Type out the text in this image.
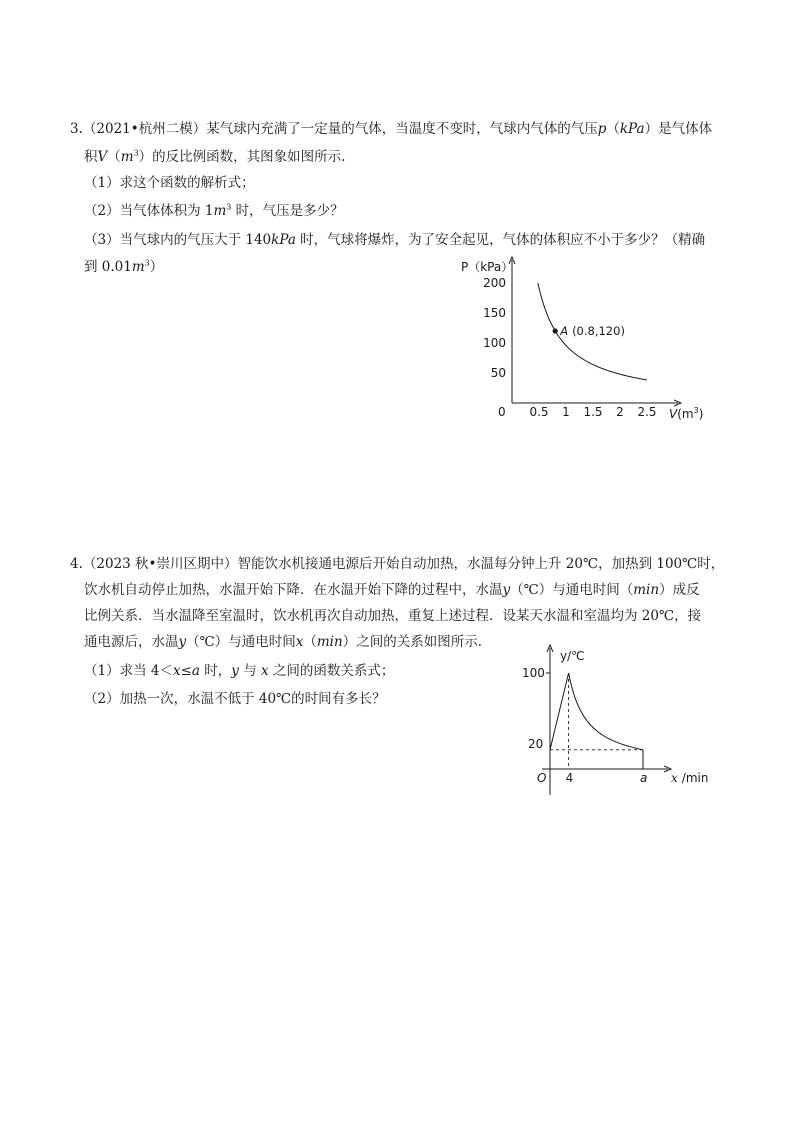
3.（2021•杭州二模）某气球内充满了一定量的气体，当温度不变时，气球内气体的气压p（kPa）是气体体
积$V(m^3)$的反比例函数，其图象如图所示.
（1）求这个函数的解析式；
（2）当气体体积为 $1m^3$ 时，气压是多少？
（3）当气球内的气压大于 140kPa 时，气球将爆炸，为了安全起见，气体的体积应不小于多少？（精确
到 $0.01m^3$）	P（kPa）
0 0.5 1 1.5 2 2.5
50
100
150
200
A (0.8,120)
$V(m^3)$
4.（2023 秋•崇川区期中）智能饮水机接通电源后开始自动加热，水温每分钟上升 20℃，加热到 100℃时，
饮水机自动停止加热，水温开始下降．在水温开始下降的过程中，水温y（℃）与通电时间（min）成反
比例关系．当水温降至室温时，饮水机再次自动加热，重复上述过程．设某天水温和室温均为 20℃，接
通电源后，水温y（℃）与通电时间x（min）之间的关系如图所示．
（1）求当 4＜x≤a 时，y 与 x 之间的函数关系式；
（2）加热一次，水温不低于 40℃的时间有多长？
y/℃
x /min
O 4	a
100
20
